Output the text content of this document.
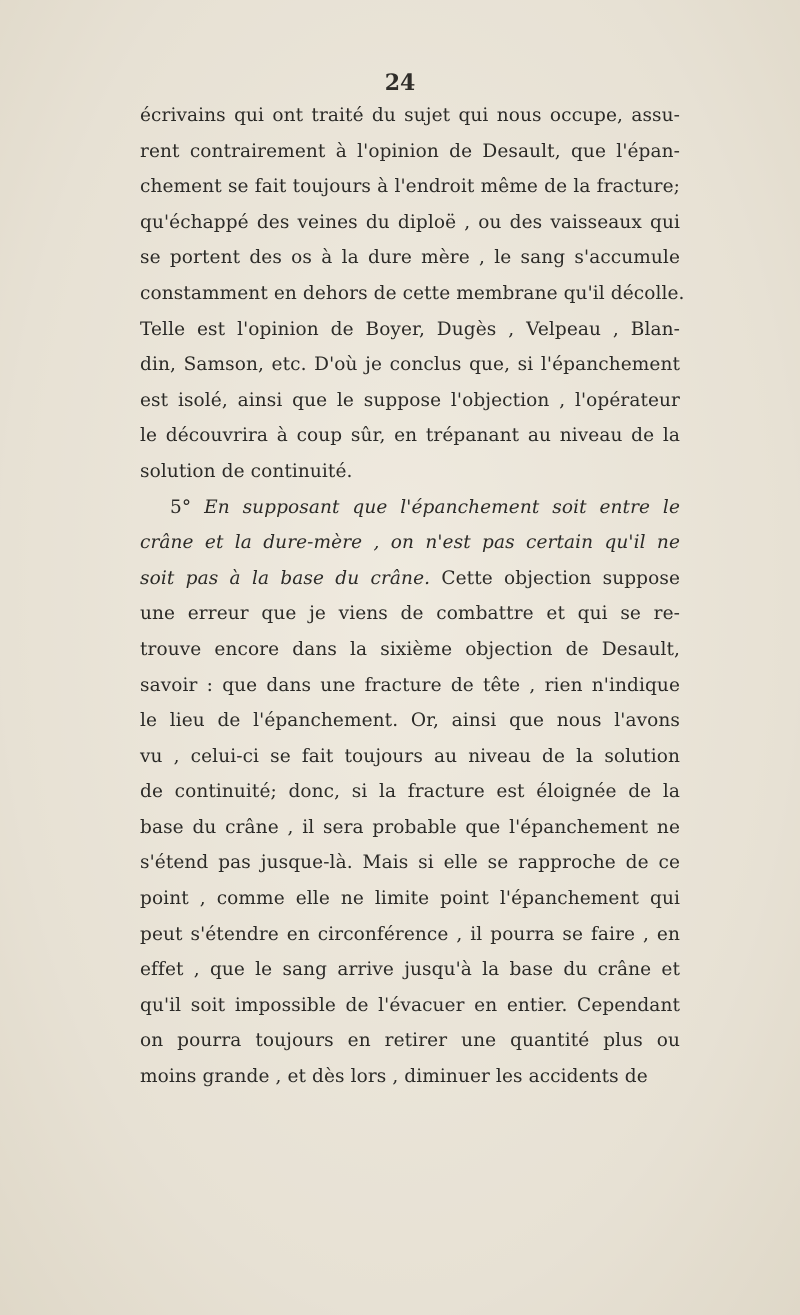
24
écrivains qui ont traité du sujet qui nous occupe, assu-
rent contrairement à l'opinion de Desault, que l'épan-
chement se fait toujours à l'endroit même de la fracture;
qu'échappé des veines du diploë , ou des vaisseaux qui
se portent des os à la dure mère , le sang s'accumule
constamment en dehors de cette membrane qu'il décolle.
Telle est l'opinion de Boyer, Dugès , Velpeau , Blan-
din, Samson, etc. D'où je conclus que, si l'épanchement
est isolé, ainsi que le suppose l'objection , l'opérateur
le découvrira à coup sûr, en trépanant au niveau de la
solution de continuité.
5° En supposant que l'épanchement soit entre le
crâne et la dure-mère , on n'est pas certain qu'il ne
soit pas à la base du crâne. Cette objection suppose
une erreur que je viens de combattre et qui se re-
trouve encore dans la sixième objection de Desault,
savoir : que dans une fracture de tête , rien n'indique
le lieu de l'épanchement. Or, ainsi que nous l'avons
vu , celui-ci se fait toujours au niveau de la solution
de continuité; donc, si la fracture est éloignée de la
base du crâne , il sera probable que l'épanchement ne
s'étend pas jusque-là. Mais si elle se rapproche de ce
point , comme elle ne limite point l'épanchement qui
peut s'étendre en circonférence , il pourra se faire , en
effet , que le sang arrive jusqu'à la base du crâne et
qu'il soit impossible de l'évacuer en entier. Cependant
on pourra toujours en retirer une quantité plus ou
moins grande , et dès lors , diminuer les accidents de
